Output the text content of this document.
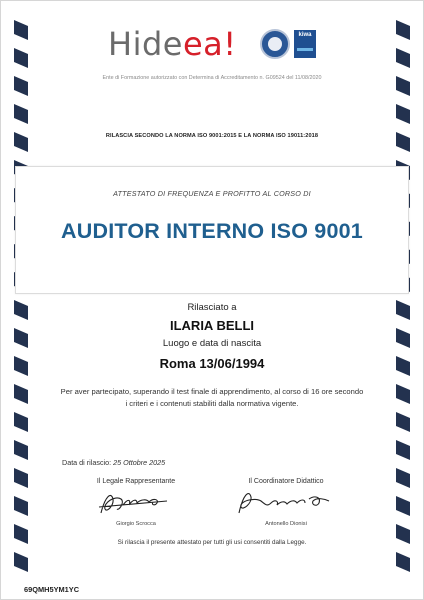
Hideea!	kiwa
Ente di Formazione autorizzato con Determina di Accreditamento n. G09524 del 11/08/2020
RILASCIA SECONDO LA NORMA ISO 9001:2015 E LA NORMA ISO 19011:2018
ATTESTATO DI FREQUENZA E PROFITTO AL CORSO DI
AUDITOR INTERNO ISO 9001
Rilasciato a
ILARIA BELLI
Luogo e data di nascita
Roma 13/06/1994
Per aver partecipato, superando il test finale di apprendimento, al corso di 16 ore secondo i criteri e i contenuti stabiliti dalla normativa vigente.
Data di rilascio: 25 Ottobre 2025
Il Legale Rappresentante
Giorgio Scrocca
Il Coordinatore Didattico
Antonello Dionisi
Si rilascia il presente attestato per tutti gli usi consentiti dalla Legge.
69QMH5YM1YC
